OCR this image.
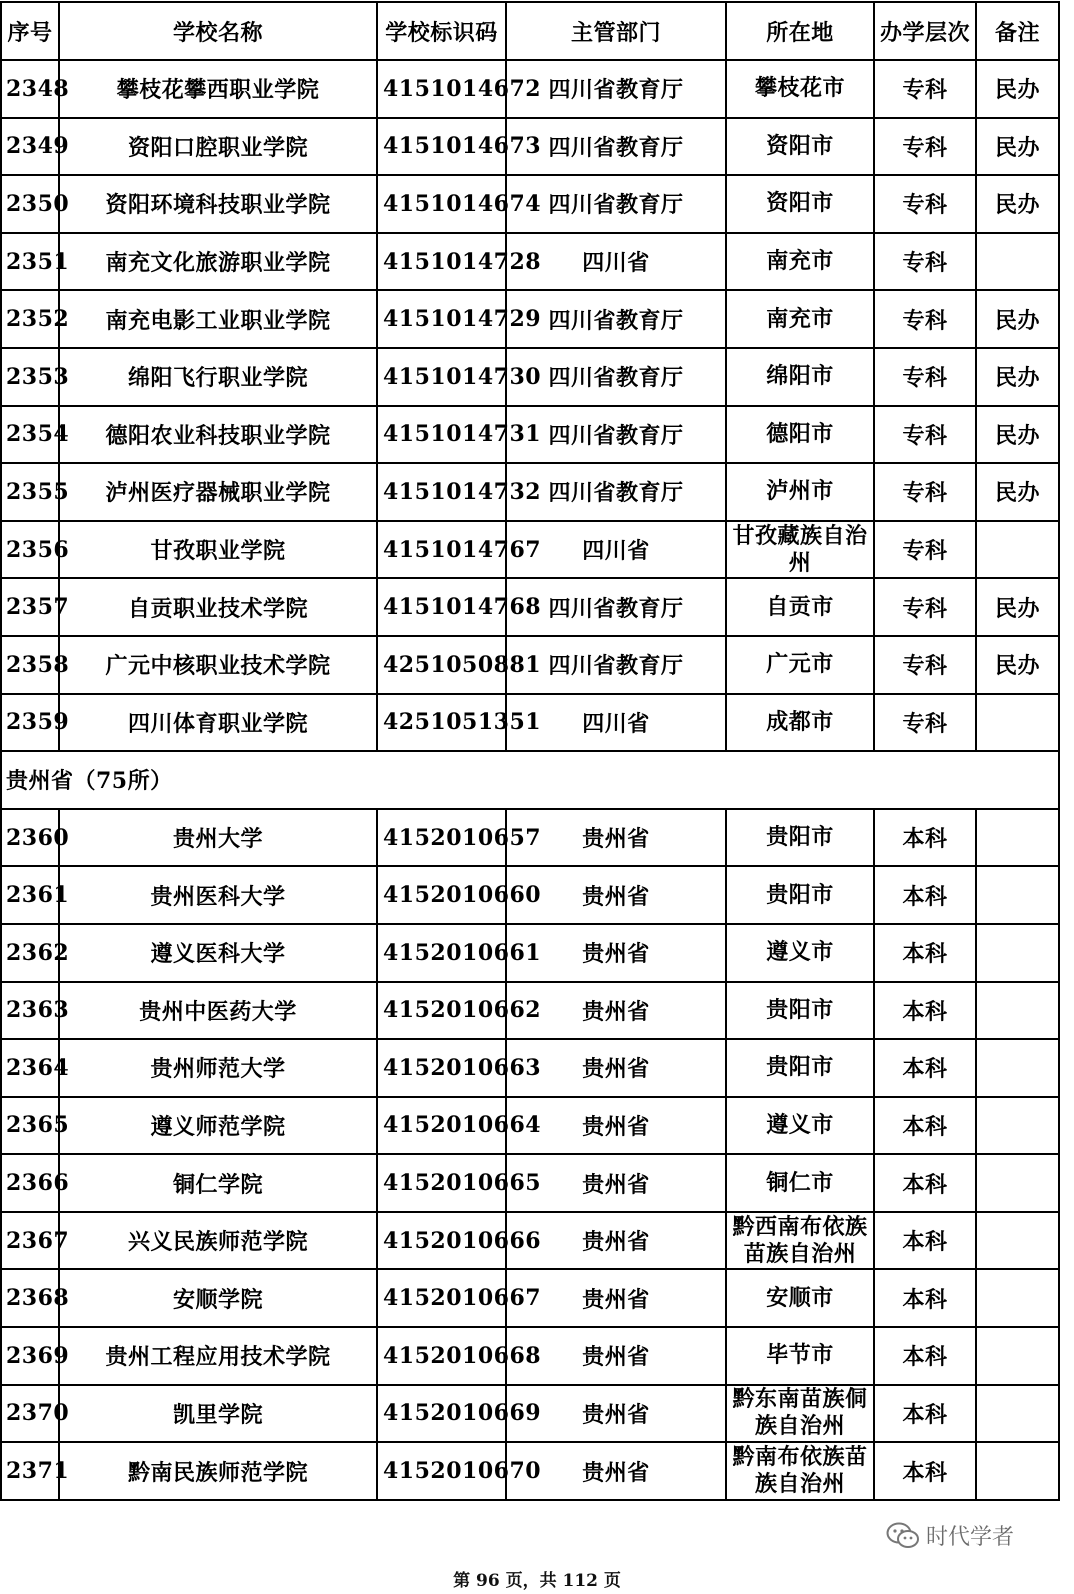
序号	学校名称	学校标识码	主管部门	所在地	办学层次	备注
2348	攀枝花攀西职业学院	4151014672	四川省教育厅	攀枝花市	专科	民办
2349	资阳口腔职业学院	4151014673	四川省教育厅	资阳市	专科	民办
2350	资阳环境科技职业学院	4151014674	四川省教育厅	资阳市	专科	民办
2351	南充文化旅游职业学院	4151014728	四川省	南充市	专科	
2352	南充电影工业职业学院	4151014729	四川省教育厅	南充市	专科	民办
2353	绵阳飞行职业学院	4151014730	四川省教育厅	绵阳市	专科	民办
2354	德阳农业科技职业学院	4151014731	四川省教育厅	德阳市	专科	民办
2355	泸州医疗器械职业学院	4151014732	四川省教育厅	泸州市	专科	民办
2356	甘孜职业学院	4151014767	四川省	甘孜藏族自治州	专科	
2357	自贡职业技术学院	4151014768	四川省教育厅	自贡市	专科	民办
2358	广元中核职业技术学院	4251050881	四川省教育厅	广元市	专科	民办
2359	四川体育职业学院	4251051351	四川省	成都市	专科	
贵州省（75所）						
2360	贵州大学	4152010657	贵州省	贵阳市	本科	
2361	贵州医科大学	4152010660	贵州省	贵阳市	本科	
2362	遵义医科大学	4152010661	贵州省	遵义市	本科	
2363	贵州中医药大学	4152010662	贵州省	贵阳市	本科	
2364	贵州师范大学	4152010663	贵州省	贵阳市	本科	
2365	遵义师范学院	4152010664	贵州省	遵义市	本科	
2366	铜仁学院	4152010665	贵州省	铜仁市	本科	
2367	兴义民族师范学院	4152010666	贵州省	黔西南布依族苗族自治州	本科	
2368	安顺学院	4152010667	贵州省	安顺市	本科	
2369	贵州工程应用技术学院	4152010668	贵州省	毕节市	本科	
2370	凯里学院	4152010669	贵州省	黔东南苗族侗族自治州	本科	
2371	黔南民族师范学院	4152010670	贵州省	黔南布依族苗族自治州	本科	
时代学者
第 96 页，共 112 页
